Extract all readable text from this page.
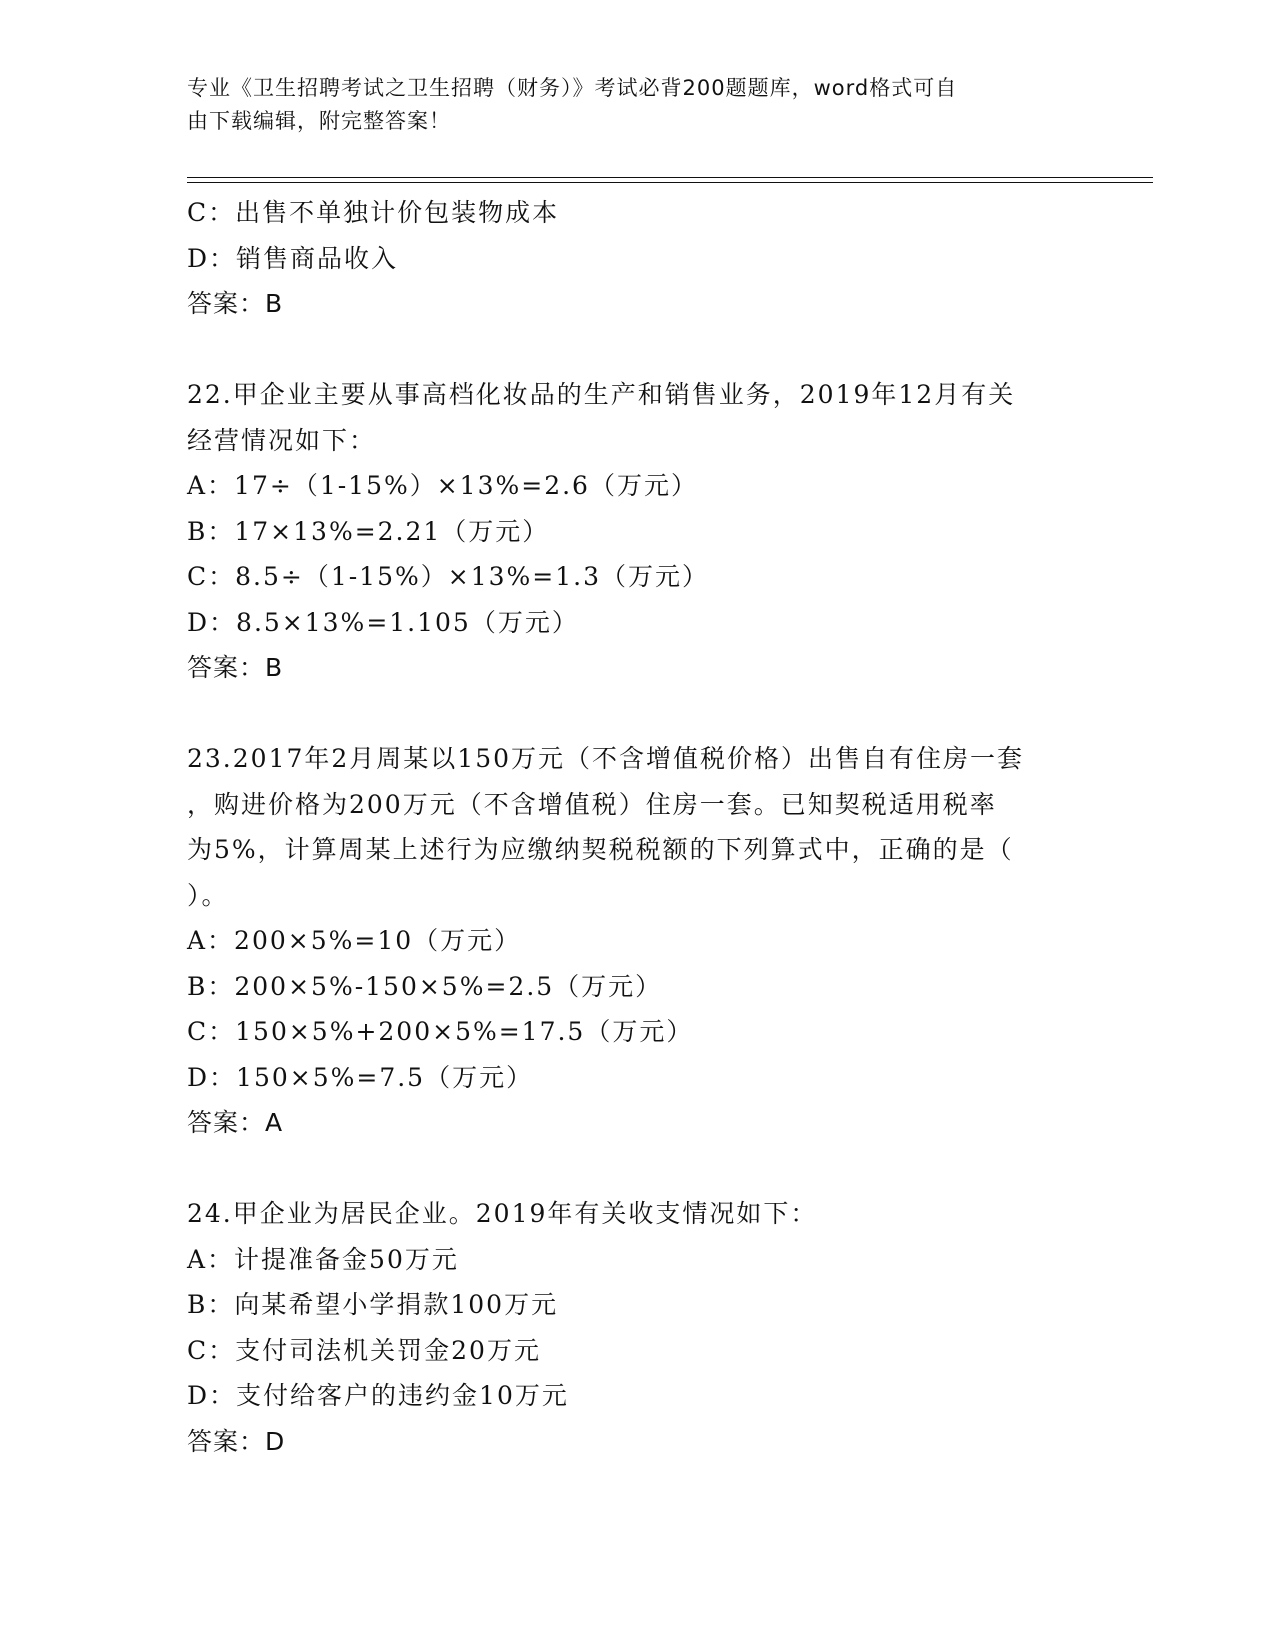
专业《卫生招聘考试之卫生招聘（财务）》考试必背200题题库，word格式可自
由下载编辑，附完整答案！
C：出售不单独计价包装物成本
D：销售商品收入
答案：B
22.甲企业主要从事高档化妆品的生产和销售业务，2019年12月有关
经营情况如下：
A：17÷（1-15%）×13%=2.6（万元）
B：17×13%=2.21（万元）
C：8.5÷（1-15%）×13%=1.3（万元）
D：8.5×13%=1.105（万元）
答案：B
23.2017年2月周某以150万元（不含增值税价格）出售自有住房一套
，购进价格为200万元（不含增值税）住房一套。已知契税适用税率
为5%，计算周某上述行为应缴纳契税税额的下列算式中，正确的是（
）。
A：200×5%=10（万元）
B：200×5%-150×5%=2.5（万元）
C：150×5%+200×5%=17.5（万元）
D：150×5%=7.5（万元）
答案：A
24.甲企业为居民企业。2019年有关收支情况如下：
A：计提准备金50万元
B：向某希望小学捐款100万元
C：支付司法机关罚金20万元
D：支付给客户的违约金10万元
答案：D
